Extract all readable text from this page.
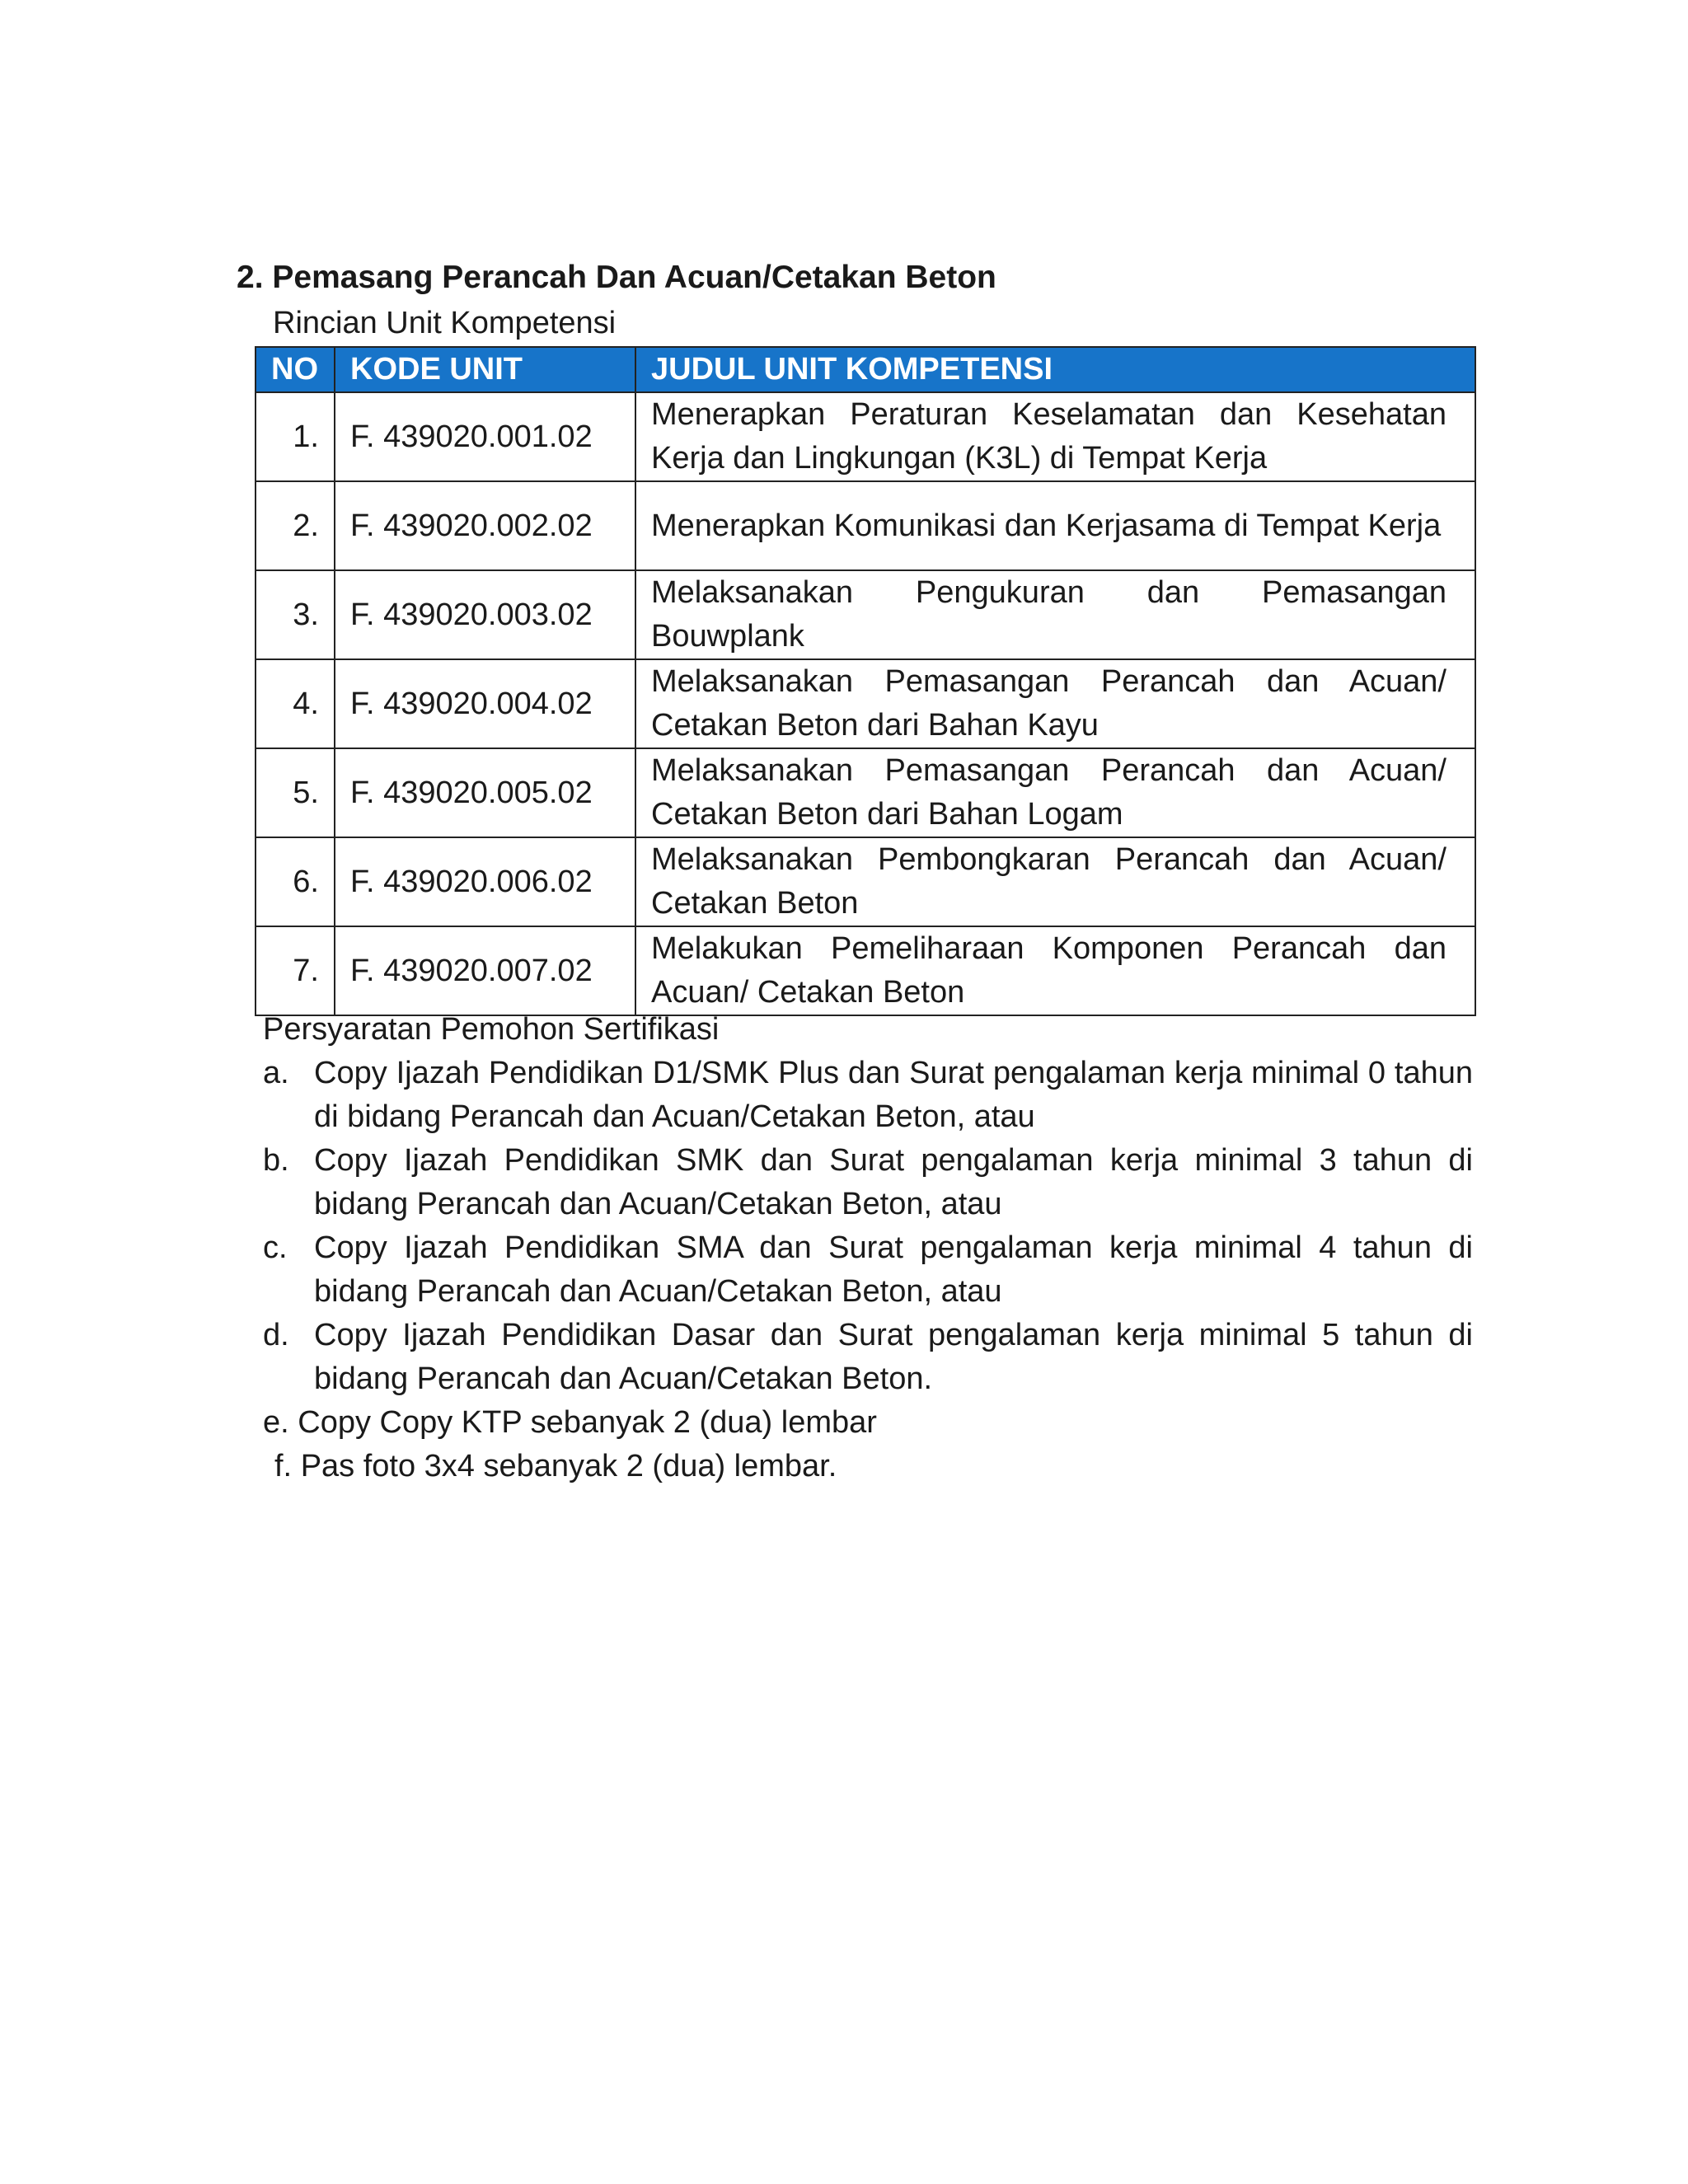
2. Pemasang Perancah Dan Acuan/Cetakan Beton

Rincian Unit Kompetensi

NO	KODE UNIT	JUDUL UNIT KOMPETENSI
1.	F. 439020.001.02	Menerapkan Peraturan Keselamatan dan Kesehatan Kerja dan Lingkungan (K3L) di Tempat Kerja
2.	F. 439020.002.02	Menerapkan Komunikasi dan Kerjasama di Tempat Kerja
3.	F. 439020.003.02	Melaksanakan Pengukuran dan Pemasangan Bouwplank
4.	F. 439020.004.02	Melaksanakan Pemasangan Perancah dan Acuan/ Cetakan Beton dari Bahan Kayu
5.	F. 439020.005.02	Melaksanakan Pemasangan Perancah dan Acuan/ Cetakan Beton dari Bahan Logam
6.	F. 439020.006.02	Melaksanakan Pembongkaran Perancah dan Acuan/ Cetakan Beton
7.	F. 439020.007.02	Melakukan Pemeliharaan Komponen Perancah dan Acuan/ Cetakan Beton

Persyaratan Pemohon Sertifikasi

a. Copy Ijazah Pendidikan D1/SMK Plus dan Surat pengalaman kerja minimal 0 tahun di bidang Perancah dan Acuan/Cetakan Beton, atau
b. Copy Ijazah Pendidikan SMK dan Surat pengalaman kerja minimal 3 tahun di bidang Perancah dan Acuan/Cetakan Beton, atau
c. Copy Ijazah Pendidikan SMA dan Surat pengalaman kerja minimal 4 tahun di bidang Perancah dan Acuan/Cetakan Beton, atau
d. Copy Ijazah Pendidikan Dasar dan Surat pengalaman kerja minimal 5 tahun di bidang Perancah dan Acuan/Cetakan Beton.
e. Copy Copy KTP sebanyak 2 (dua) lembar
f. Pas foto 3x4 sebanyak 2 (dua) lembar.
